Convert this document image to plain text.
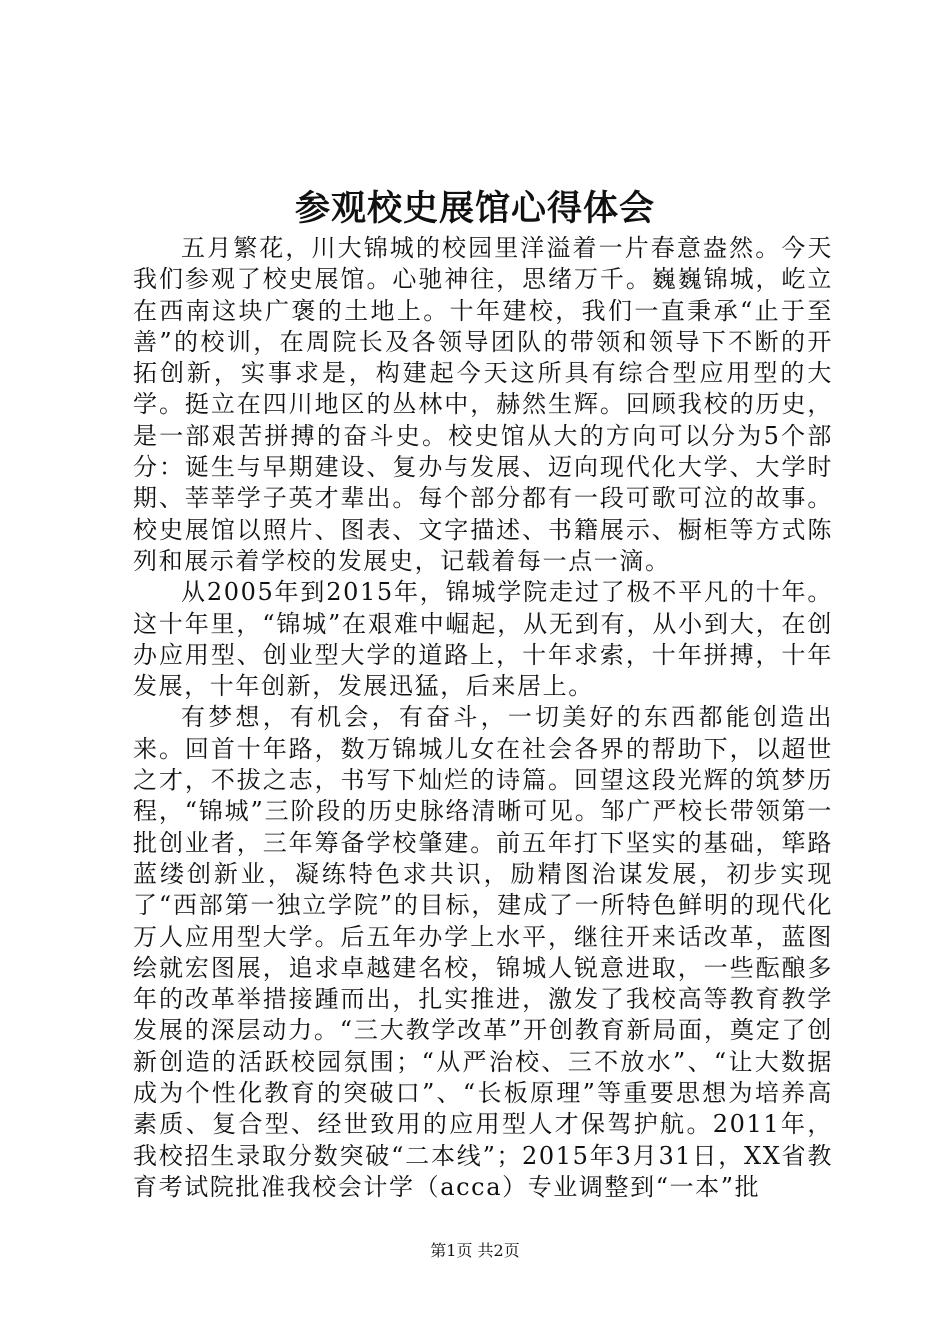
参观校史展馆心得体会

五月繁花，川大锦城的校园里洋溢着一片春意盎然。今天我们参观了校史展馆。心驰神往，思绪万千。巍巍锦城，屹立在西南这块广褒的土地上。十年建校，我们一直秉承“止于至善”的校训，在周院长及各领导团队的带领和领导下不断的开拓创新，实事求是，构建起今天这所具有综合型应用型的大学。挺立在四川地区的丛林中，赫然生辉。回顾我校的历史，是一部艰苦拼搏的奋斗史。校史馆从大的方向可以分为5个部分：诞生与早期建设、复办与发展、迈向现代化大学、大学时期、莘莘学子英才辈出。每个部分都有一段可歌可泣的故事。校史展馆以照片、图表、文字描述、书籍展示、橱柜等方式陈列和展示着学校的发展史，记载着每一点一滴。

从2005年到2015年，锦城学院走过了极不平凡的十年。这十年里，“锦城”在艰难中崛起，从无到有，从小到大，在创办应用型、创业型大学的道路上，十年求索，十年拼搏，十年发展，十年创新，发展迅猛，后来居上。

有梦想，有机会，有奋斗，一切美好的东西都能创造出来。回首十年路，数万锦城儿女在社会各界的帮助下，以超世之才，不拔之志，书写下灿烂的诗篇。回望这段光辉的筑梦历程，“锦城”三阶段的历史脉络清晰可见。邹广严校长带领第一批创业者，三年筹备学校肇建。前五年打下坚实的基础，筚路蓝缕创新业，凝练特色求共识，励精图治谋发展，初步实现了“西部第一独立学院”的目标，建成了一所特色鲜明的现代化万人应用型大学。后五年办学上水平，继往开来话改革，蓝图绘就宏图展，追求卓越建名校，锦城人锐意进取，一些酝酿多年的改革举措接踵而出，扎实推进，激发了我校高等教育教学发展的深层动力。“三大教学改革”开创教育新局面，奠定了创新创造的活跃校园氛围；“从严治校、三不放水”、“让大数据成为个性化教育的突破口”、“长板原理”等重要思想为培养高素质、复合型、经世致用的应用型人才保驾护航。2011年，我校招生录取分数突破“二本线”；2015年3月31日，XX省教育考试院批准我校会计学（acca）专业调整到“一本”批

第1页 共2页
